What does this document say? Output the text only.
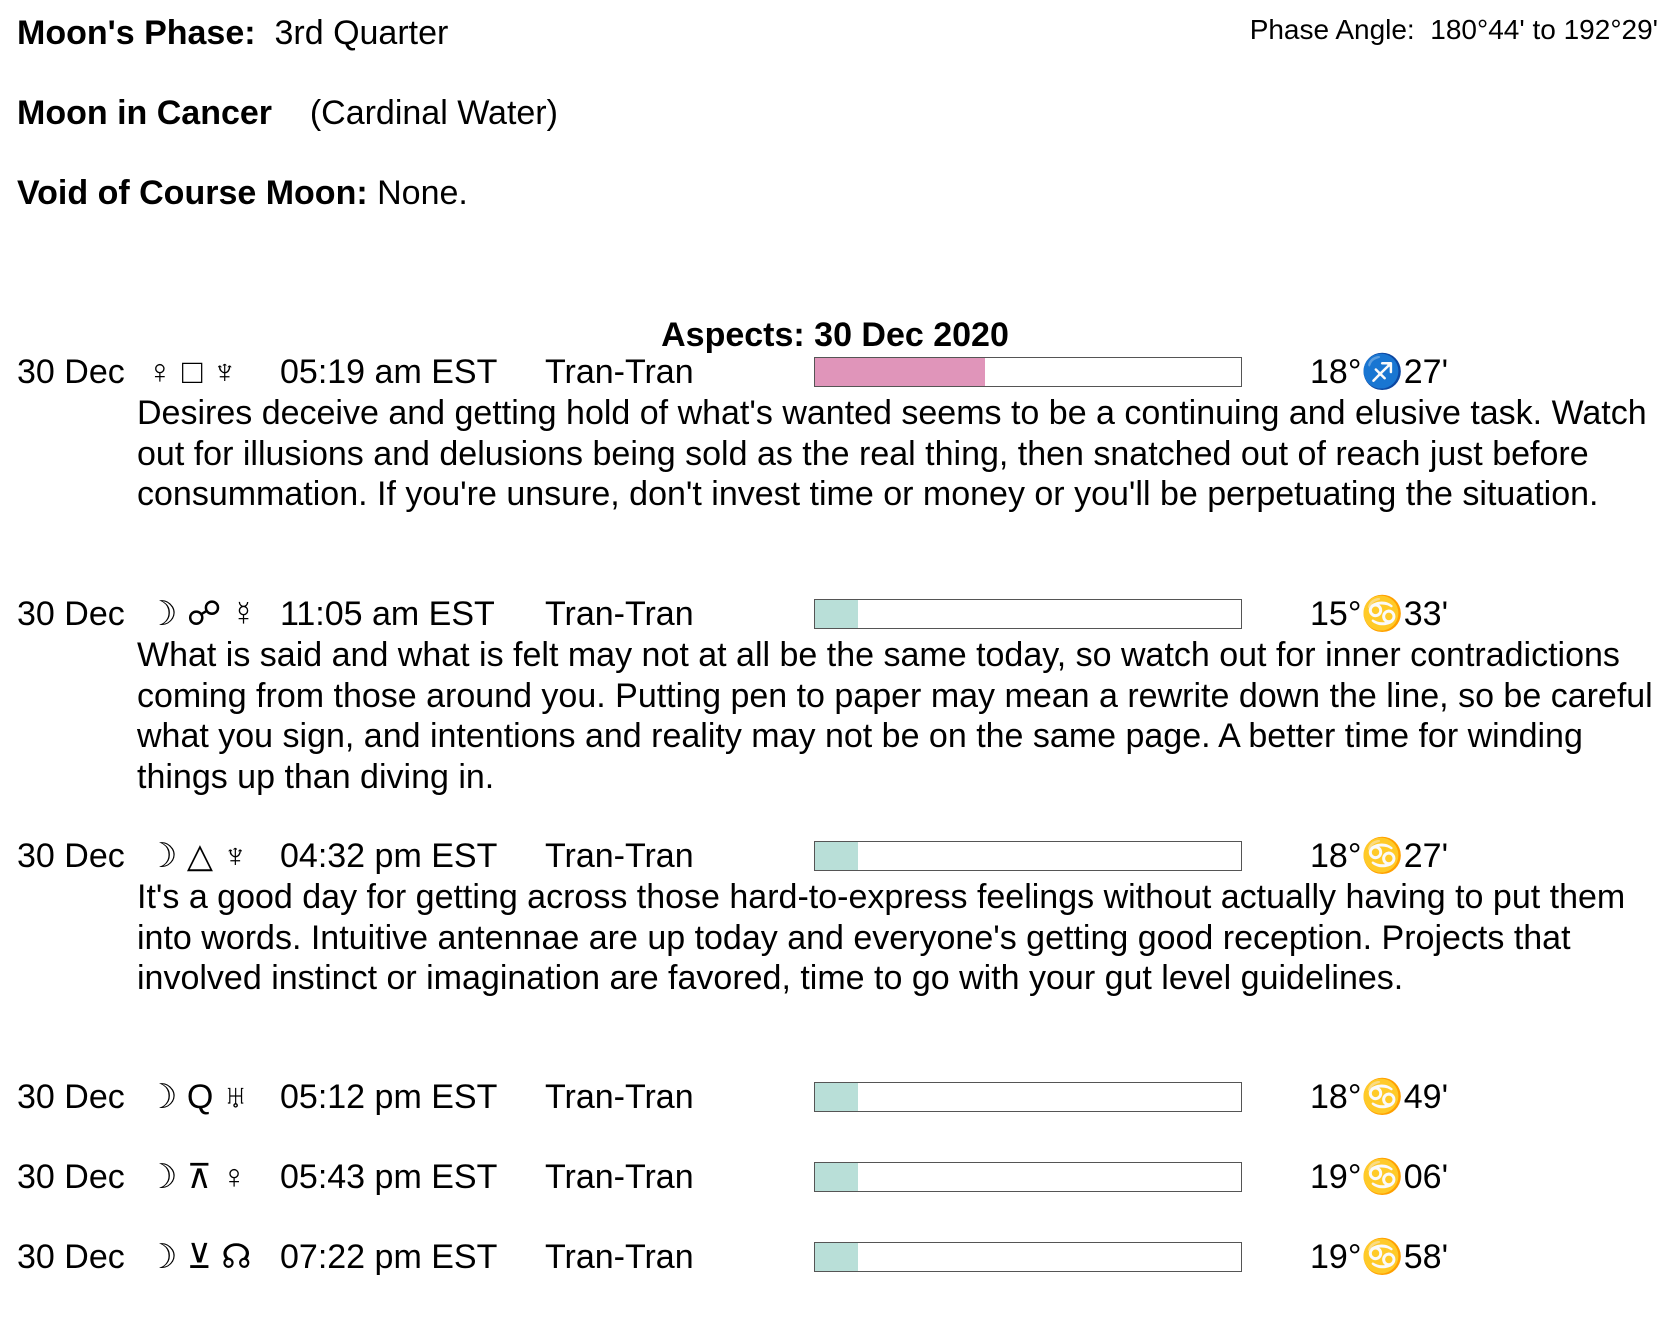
Moon's Phase: 3rd Quarter	Phase Angle: 180°44' to 192°29'
Moon in Cancer (Cardinal Water)
Void of Course Moon: None.
Aspects: 30 Dec 2020
30 Dec ♀ □ ♆ 05:19 am EST Tran-Tran	18°♐27'
Desires deceive and getting hold of what's wanted seems to be a continuing and elusive task. Watch out for illusions and delusions being sold as the real thing, then snatched out of reach just before consummation. If you're unsure, don't invest time or money or you'll be perpetuating the situation.
30 Dec ☽ ☍ ☿ 11:05 am EST Tran-Tran	15°♋33'
What is said and what is felt may not at all be the same today, so watch out for inner contradictions coming from those around you. Putting pen to paper may mean a rewrite down the line, so be careful what you sign, and intentions and reality may not be on the same page. A better time for winding things up than diving in.
30 Dec ☽ △ ♆ 04:32 pm EST Tran-Tran	18°♋27'
It's a good day for getting across those hard-to-express feelings without actually having to put them into words. Intuitive antennae are up today and everyone's getting good reception. Projects that involved instinct or imagination are favored, time to go with your gut level guidelines.
30 Dec ☽ Q ♅ 05:12 pm EST Tran-Tran	18°♋49'
30 Dec ☽ ⊼ ♀ 05:43 pm EST Tran-Tran	19°♋06'
30 Dec ☽ ⊻ ☊ 07:22 pm EST Tran-Tran	19°♋58'
